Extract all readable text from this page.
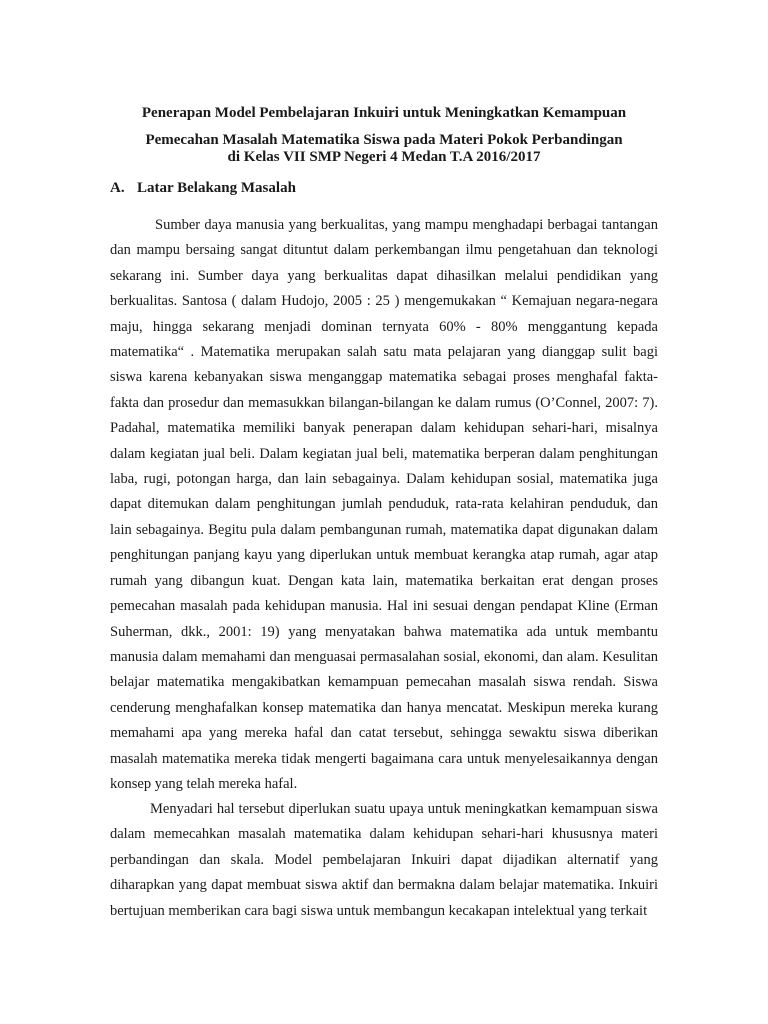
Penerapan Model Pembelajaran Inkuiri untuk Meningkatkan Kemampuan
Pemecahan Masalah Matematika Siswa pada Materi Pokok Perbandingan
di Kelas VII SMP Negeri 4 Medan T.A 2016/2017
A. Latar Belakang Masalah

Sumber daya manusia yang berkualitas, yang mampu menghadapi berbagai tantangan dan mampu bersaing sangat dituntut dalam perkembangan ilmu pengetahuan dan teknologi sekarang ini. Sumber daya yang berkualitas dapat dihasilkan melalui pendidikan yang berkualitas. Santosa ( dalam Hudojo, 2005 : 25 ) mengemukakan “ Kemajuan negara-negara maju, hingga sekarang menjadi dominan ternyata 60% - 80% menggantung kepada matematika“ . Matematika merupakan salah satu mata pelajaran yang dianggap sulit bagi siswa karena kebanyakan siswa menganggap matematika sebagai proses menghafal fakta-fakta dan prosedur dan memasukkan bilangan-bilangan ke dalam rumus (O’Connel, 2007: 7). Padahal, matematika memiliki banyak penerapan dalam kehidupan sehari-hari, misalnya dalam kegiatan jual beli. Dalam kegiatan jual beli, matematika berperan dalam penghitungan laba, rugi, potongan harga, dan lain sebagainya. Dalam kehidupan sosial, matematika juga dapat ditemukan dalam penghitungan jumlah penduduk, rata-rata kelahiran penduduk, dan lain sebagainya. Begitu pula dalam pembangunan rumah, matematika dapat digunakan dalam penghitungan panjang kayu yang diperlukan untuk membuat kerangka atap rumah, agar atap rumah yang dibangun kuat. Dengan kata lain, matematika berkaitan erat dengan proses pemecahan masalah pada kehidupan manusia. Hal ini sesuai dengan pendapat Kline (Erman Suherman, dkk., 2001: 19) yang menyatakan bahwa matematika ada untuk membantu manusia dalam memahami dan menguasai permasalahan sosial, ekonomi, dan alam. Kesulitan belajar matematika mengakibatkan kemampuan pemecahan masalah siswa rendah. Siswa cenderung menghafalkan konsep matematika dan hanya mencatat. Meskipun mereka kurang memahami apa yang mereka hafal dan catat tersebut, sehingga sewaktu siswa diberikan masalah matematika mereka tidak mengerti bagaimana cara untuk menyelesaikannya dengan konsep yang telah mereka hafal.

Menyadari hal tersebut diperlukan suatu upaya untuk meningkatkan kemampuan siswa dalam memecahkan masalah matematika dalam kehidupan sehari-hari khususnya materi perbandingan dan skala. Model pembelajaran Inkuiri dapat dijadikan alternatif yang diharapkan yang dapat membuat siswa aktif dan bermakna dalam belajar matematika. Inkuiri bertujuan memberikan cara bagi siswa untuk membangun kecakapan intelektual yang terkait
